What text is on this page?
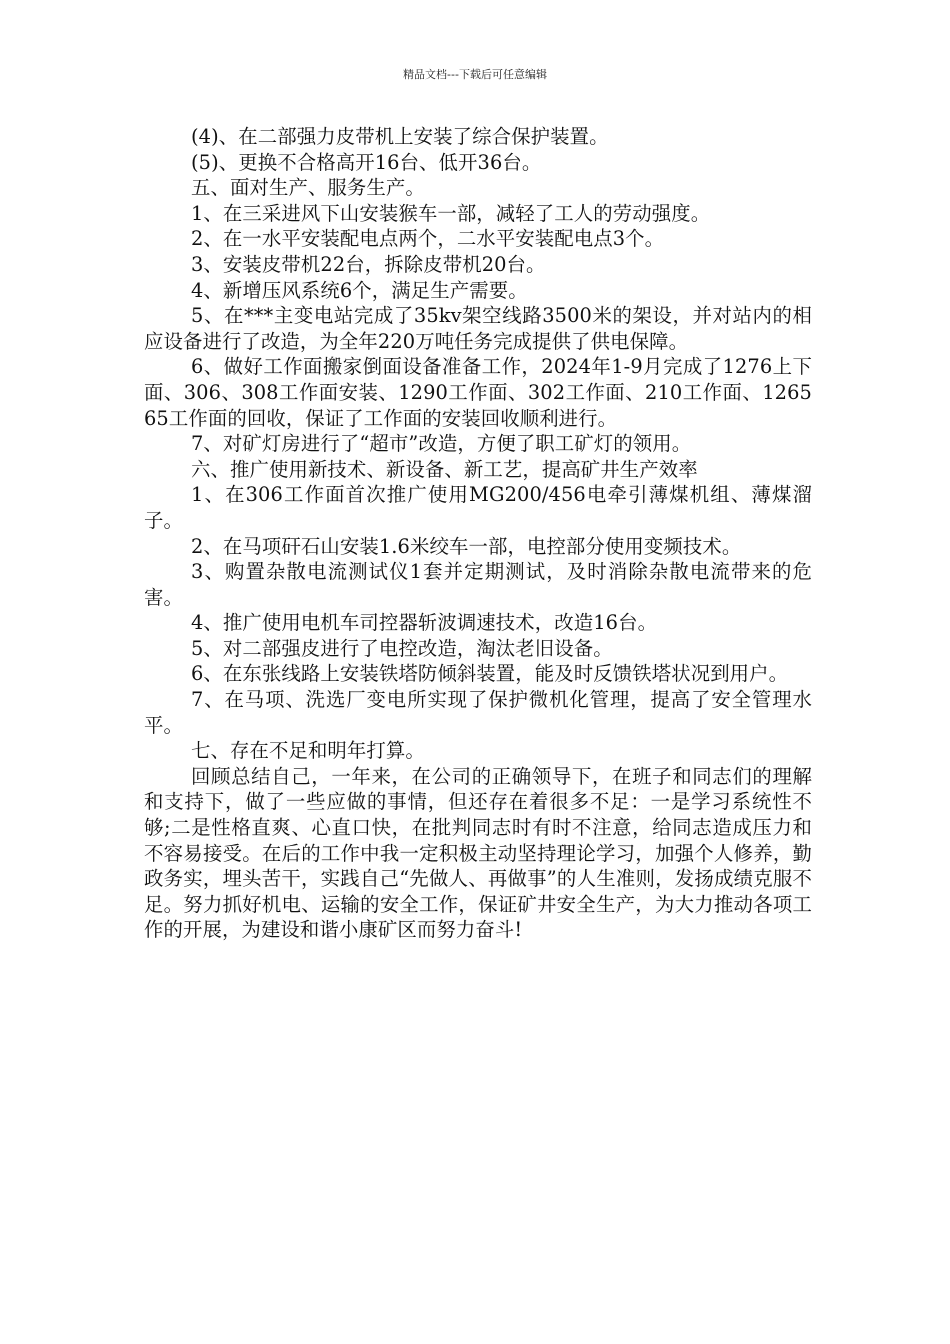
精品文档---下载后可任意编辑

(4)、在二部强力皮带机上安装了综合保护装置。

(5)、更换不合格高开16台、低开36台。

五、面对生产、服务生产。

1、在三采进风下山安装猴车一部，减轻了工人的劳动强度。

2、在一水平安装配电点两个，二水平安装配电点3个。

3、安装皮带机22台，拆除皮带机20台。

4、新增压风系统6个，满足生产需要。

5、在***主变电站完成了35kv架空线路3500米的架设，并对站内的相应设备进行了改造，为全年220万吨任务完成提供了供电保障。

6、做好工作面搬家倒面设备准备工作，2024年1-9月完成了1276上下面、306、308工作面安装、1290工作面、302工作面、210工作面、126565工作面的回收，保证了工作面的安装回收顺利进行。

7、对矿灯房进行了“超市”改造，方便了职工矿灯的领用。

六、推广使用新技术、新设备、新工艺，提高矿井生产效率

1、在306工作面首次推广使用MG200/456电牵引薄煤机组、薄煤溜子。

2、在马项矸石山安装1.6米绞车一部，电控部分使用变频技术。

3、购置杂散电流测试仪1套并定期测试，及时消除杂散电流带来的危害。

4、推广使用电机车司控器斩波调速技术，改造16台。

5、对二部强皮进行了电控改造，淘汰老旧设备。

6、在东张线路上安装铁塔防倾斜装置，能及时反馈铁塔状况到用户。

7、在马项、洗选厂变电所实现了保护微机化管理，提高了安全管理水平。

七、存在不足和明年打算。

回顾总结自己，一年来，在公司的正确领导下，在班子和同志们的理解和支持下，做了一些应做的事情，但还存在着很多不足：一是学习系统性不够;二是性格直爽、心直口快，在批判同志时有时不注意，给同志造成压力和不容易接受。在后的工作中我一定积极主动坚持理论学习，加强个人修养，勤政务实，埋头苦干，实践自己“先做人、再做事”的人生准则，发扬成绩克服不足。努力抓好机电、运输的安全工作，保证矿井安全生产，为大力推动各项工作的开展，为建设和谐小康矿区而努力奋斗!
